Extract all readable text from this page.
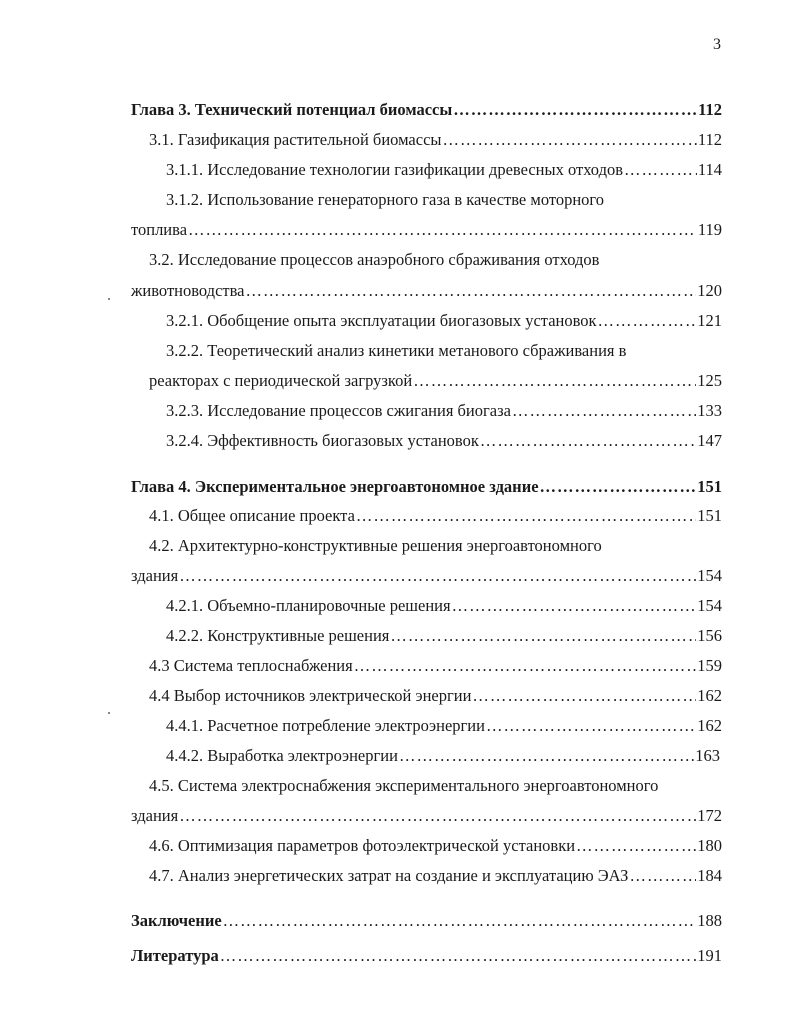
3
Глава 3. Технический потенциал биомассы …………………………………………………………………………………………………………………………………………………………………………	112
3.1. Газификация растительной биомассы …………………………………………………………………………………………………………………………………………………………………………	112
3.1.1. Исследование технологии газификации древесных отходов …………………………………………………………………………………………………………………………………………………………………………	114
3.1.2. Использование генераторного газа в качестве моторного
топлива …………………………………………………………………………………………………………………………………………………………………………	119
3.2. Исследование процессов анаэробного сбраживания отходов
животноводства …………………………………………………………………………………………………………………………………………………………………………	120
3.2.1. Обобщение опыта эксплуатации биогазовых установок …………………………………………………………………………………………………………………………………………………………………………	121
3.2.2. Теоретический анализ кинетики метанового сбраживания в
реакторах с периодической загрузкой …………………………………………………………………………………………………………………………………………………………………………	125
3.2.3. Исследование процессов сжигания биогаза …………………………………………………………………………………………………………………………………………………………………………	133
3.2.4. Эффективность биогазовых установок …………………………………………………………………………………………………………………………………………………………………………	147
Глава 4. Экспериментальное энергоавтономное здание …………………………………………………………………………………………………………………………………………………………………………	151
4.1. Общее описание проекта …………………………………………………………………………………………………………………………………………………………………………	151
4.2. Архитектурно-конструктивные решения энергоавтономного
здания …………………………………………………………………………………………………………………………………………………………………………	154
4.2.1. Объемно-планировочные решения …………………………………………………………………………………………………………………………………………………………………………	154
4.2.2. Конструктивные решения …………………………………………………………………………………………………………………………………………………………………………	156
4.3 Система теплоснабжения …………………………………………………………………………………………………………………………………………………………………………	159
4.4 Выбор источников электрической энергии …………………………………………………………………………………………………………………………………………………………………………	162
4.4.1. Расчетное потребление электроэнергии …………………………………………………………………………………………………………………………………………………………………………	162
4.4.2. Выработка электроэнергии …………………………………………………………………………………………………………………………………………………………………………	163
4.5. Система электроснабжения экспериментального энергоавтономного
здания …………………………………………………………………………………………………………………………………………………………………………	172
4.6. Оптимизация параметров фотоэлектрической установки …………………………………………………………………………………………………………………………………………………………………………	180
4.7. Анализ энергетических затрат на создание и эксплуатацию ЭАЗ …………………………………………………………………………………………………………………………………………………………………………	184
Заключение …………………………………………………………………………………………………………………………………………………………………………	188
Литература …………………………………………………………………………………………………………………………………………………………………………	191
